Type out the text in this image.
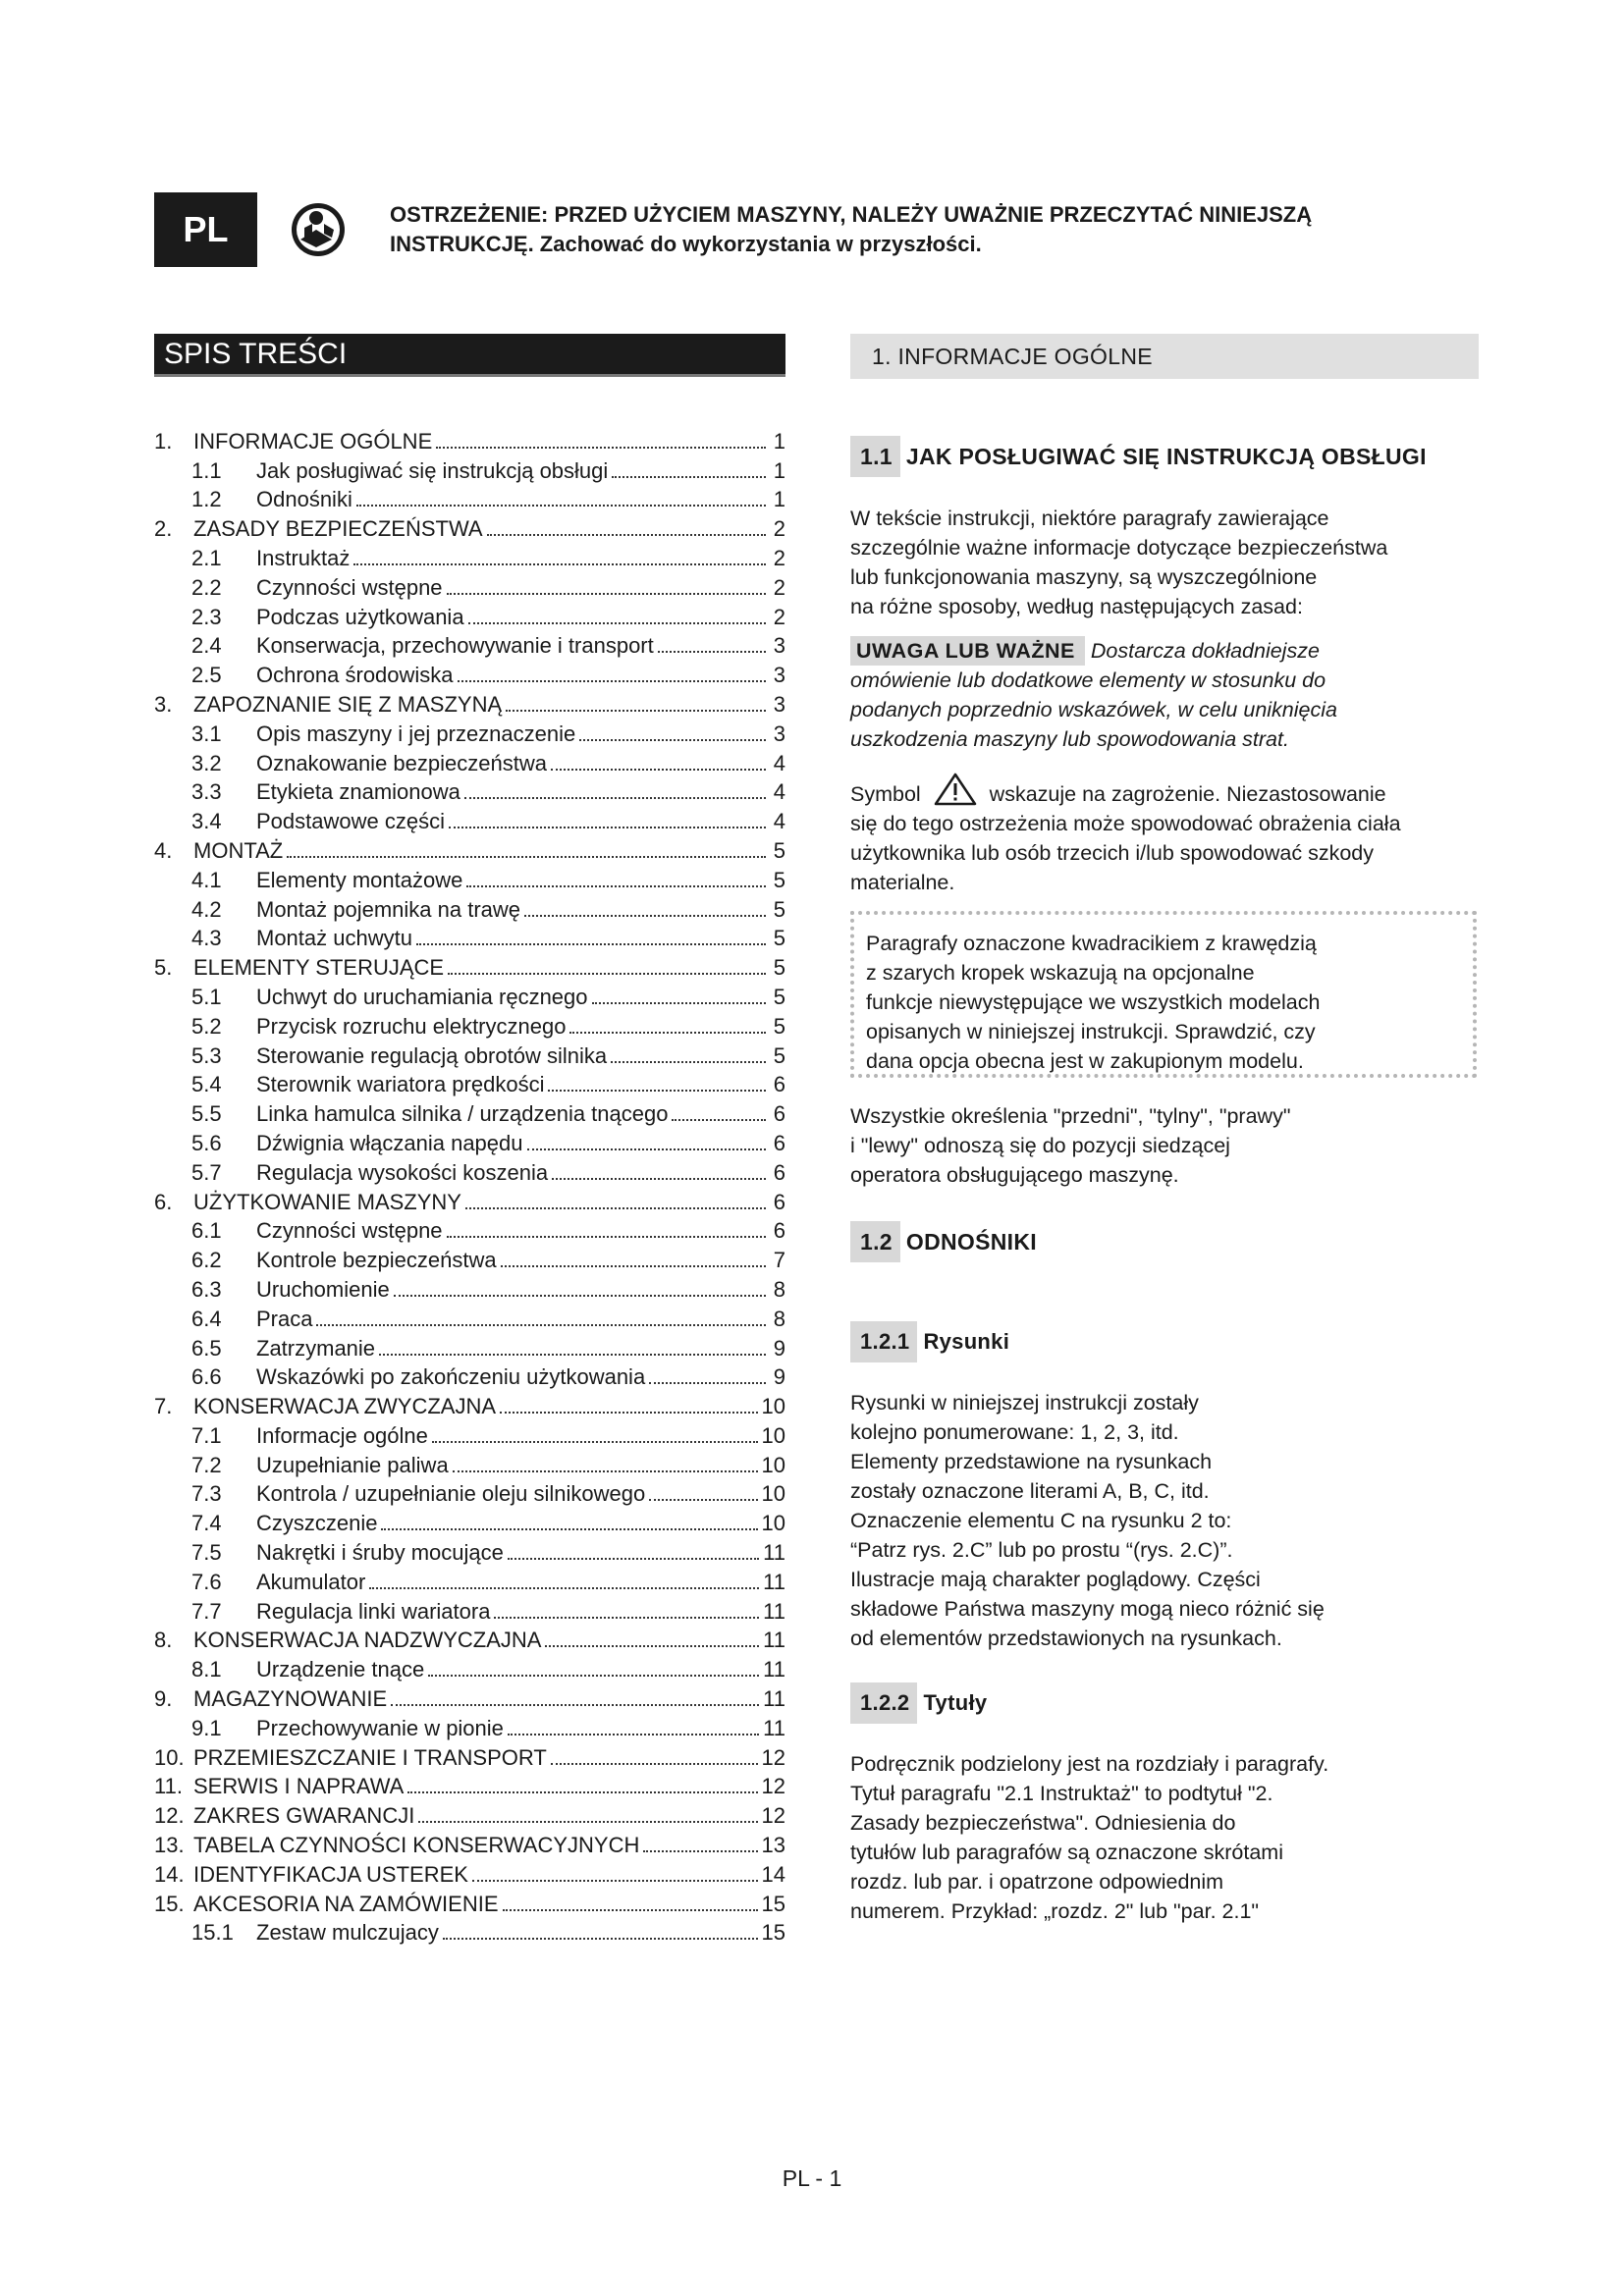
PL	OSTRZEŻENIE: PRZED UŻYCIEM MASZYNY, NALEŻY UWAŻNIE PRZECZYTAĆ NINIEJSZĄ
INSTRUKCJĘ. Zachować do wykorzystania w przyszłości.
SPIS TREŚCI
1. INFORMACJE OGÓLNE	1
1.1	Jak posługiwać się instrukcją obsługi	1
1.2	Odnośniki	1
2. ZASADY BEZPIECZEŃSTWA	2
2.1	Instruktaż	2
2.2	Czynności wstępne	2
2.3	Podczas użytkowania	2
2.4	Konserwacja, przechowywanie i transport	3
2.5	Ochrona środowiska	3
3. ZAPOZNANIE SIĘ Z MASZYNĄ	3
3.1	Opis maszyny i jej przeznaczenie	3
3.2	Oznakowanie bezpieczeństwa	4
3.3	Etykieta znamionowa	4
3.4	Podstawowe części	4
4. MONTAŻ	5
4.1	Elementy montażowe	5
4.2	Montaż pojemnika na trawę	5
4.3	Montaż uchwytu	5
5. ELEMENTY STERUJĄCE	5
5.1	Uchwyt do uruchamiania ręcznego	5
5.2	Przycisk rozruchu elektrycznego	5
5.3	Sterowanie regulacją obrotów silnika	5
5.4	Sterownik wariatora prędkości	6
5.5	Linka hamulca silnika / urządzenia tnącego	6
5.6	Dźwignia włączania napędu	6
5.7	Regulacja wysokości koszenia	6
6. UŻYTKOWANIE MASZYNY	6
6.1	Czynności wstępne	6
6.2	Kontrole bezpieczeństwa	7
6.3	Uruchomienie	8
6.4	Praca	8
6.5	Zatrzymanie	9
6.6	Wskazówki po zakończeniu użytkowania	9
7. KONSERWACJA ZWYCZAJNA	10
7.1	Informacje ogólne	10
7.2	Uzupełnianie paliwa	10
7.3	Kontrola / uzupełnianie oleju silnikowego	10
7.4	Czyszczenie	10
7.5	Nakrętki i śruby mocujące	11
7.6	Akumulator	11
7.7	Regulacja linki wariatora	11
8. KONSERWACJA NADZWYCZAJNA	11
8.1	Urządzenie tnące	11
9. MAGAZYNOWANIE	11
9.1	Przechowywanie w pionie	11
10. PRZEMIESZCZANIE I TRANSPORT	12
11. SERWIS I NAPRAWA	12
12. ZAKRES GWARANCJI	12
13. TABELA CZYNNOŚCI KONSERWACYJNYCH	13
14. IDENTYFIKACJA USTEREK	14
15. AKCESORIA NA ZAMÓWIENIE	15
15.1	Zestaw mulczujacy	15
1. INFORMACJE OGÓLNE
1.1 JAK POSŁUGIWAĆ SIĘ INSTRUKCJĄ OBSŁUGI
W tekście instrukcji, niektóre paragrafy zawierające
szczególnie ważne informacje dotyczące bezpieczeństwa
lub funkcjonowania maszyny, są wyszczególnione
na różne sposoby, według następujących zasad:
UWAGA LUB WAŻNE Dostarcza dokładniejsze
omówienie lub dodatkowe elementy w stosunku do
podanych poprzednio wskazówek, w celu uniknięcia
uszkodzenia maszyny lub spowodowania strat.
Symbol	wskazuje na zagrożenie. Niezastosowanie
się do tego ostrzeżenia może spowodować obrażenia ciała
użytkownika lub osób trzecich i/lub spowodować szkody
materialne.
Paragrafy oznaczone kwadracikiem z krawędzią
z szarych kropek wskazują na opcjonalne
funkcje niewystępujące we wszystkich modelach
opisanych w niniejszej instrukcji. Sprawdzić, czy
dana opcja obecna jest w zakupionym modelu.
Wszystkie określenia "przedni", "tylny", "prawy"
i "lewy" odnoszą się do pozycji siedzącej
operatora obsługującego maszynę.
1.2 ODNOŚNIKI
1.2.1 Rysunki
Rysunki w niniejszej instrukcji zostały
kolejno ponumerowane: 1, 2, 3, itd.
Elementy przedstawione na rysunkach
zostały oznaczone literami A, B, C, itd.
Oznaczenie elementu C na rysunku 2 to:
“Patrz rys. 2.C” lub po prostu “(rys. 2.C)”.
Ilustracje mają charakter poglądowy. Części
składowe Państwa maszyny mogą nieco różnić się
od elementów przedstawionych na rysunkach.
1.2.2 Tytuły
Podręcznik podzielony jest na rozdziały i paragrafy.
Tytuł paragrafu "2.1 Instruktaż" to podtytuł "2.
Zasady bezpieczeństwa". Odniesienia do
tytułów lub paragrafów są oznaczone skrótami
rozdz. lub par. i opatrzone odpowiednim
numerem. Przykład: „rozdz. 2" lub "par. 2.1"
PL - 1
